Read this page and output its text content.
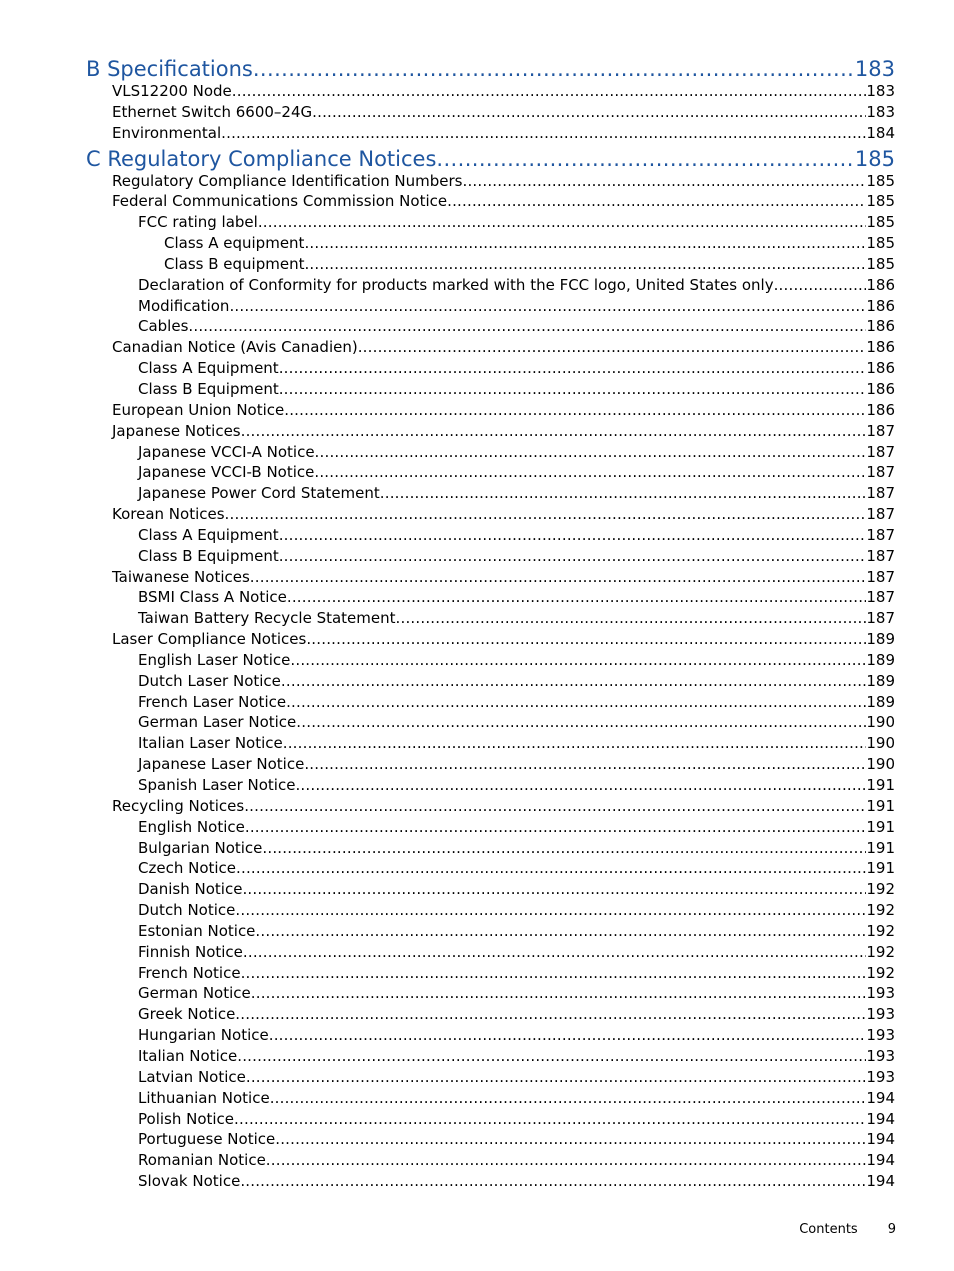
B Specifications .....	183
VLS12200 Node .....	183
Ethernet Switch 6600–24G .....	183
Environmental .....	184
C Regulatory Compliance Notices .....	185
Regulatory Compliance Identification Numbers .....	185
Federal Communications Commission Notice .....	185
FCC rating label .....	185
Class A equipment .....	185
Class B equipment .....	185
Declaration of Conformity for products marked with the FCC logo, United States only .....	186
Modification .....	186
Cables .....	186
Canadian Notice (Avis Canadien) .....	186
Class A Equipment .....	186
Class B Equipment .....	186
European Union Notice .....	186
Japanese Notices .....	187
Japanese VCCI-A Notice .....	187
Japanese VCCI-B Notice .....	187
Japanese Power Cord Statement .....	187
Korean Notices .....	187
Class A Equipment .....	187
Class B Equipment .....	187
Taiwanese Notices .....	187
BSMI Class A Notice .....	187
Taiwan Battery Recycle Statement .....	187
Laser Compliance Notices .....	189
English Laser Notice .....	189
Dutch Laser Notice .....	189
French Laser Notice .....	189
German Laser Notice .....	190
Italian Laser Notice .....	190
Japanese Laser Notice .....	190
Spanish Laser Notice .....	191
Recycling Notices .....	191
English Notice .....	191
Bulgarian Notice .....	191
Czech Notice .....	191
Danish Notice .....	192
Dutch Notice .....	192
Estonian Notice .....	192
Finnish Notice .....	192
French Notice .....	192
German Notice .....	193
Greek Notice .....	193
Hungarian Notice .....	193
Italian Notice .....	193
Latvian Notice .....	193
Lithuanian Notice .....	194
Polish Notice .....	194
Portuguese Notice .....	194
Romanian Notice .....	194
Slovak Notice .....	194
Contents 9
